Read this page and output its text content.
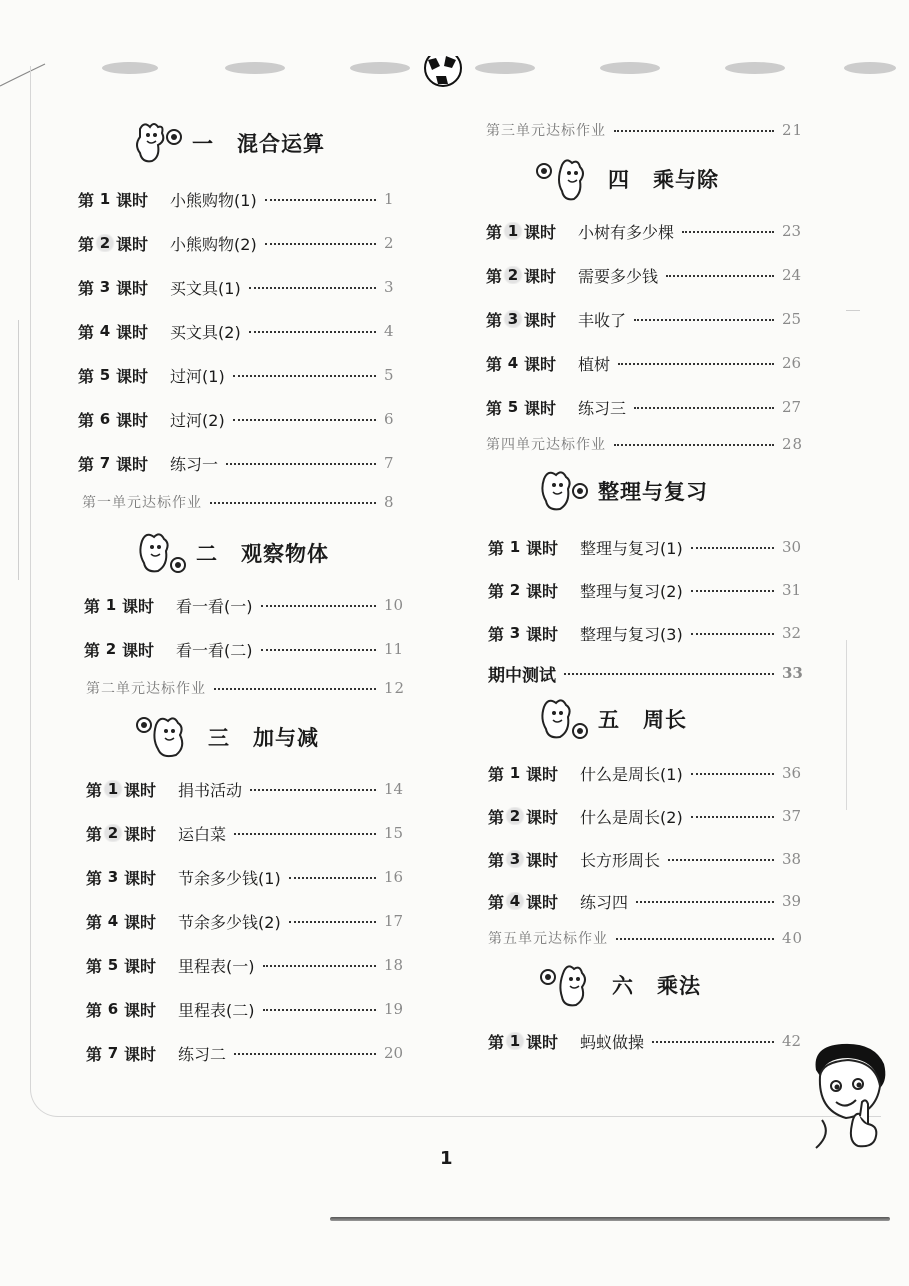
一 混合运算
第 1 课时 小熊购物(1)	1
第 2 课时 小熊购物(2)	2
第 3 课时 买文具(1)	3
第 4 课时 买文具(2)	4
第 5 课时 过河(1)	5
第 6 课时 过河(2)	6
第 7 课时 练习一	7
第一单元达标作业	8
二 观察物体
第 1 课时 看一看(一)	10
第 2 课时 看一看(二)	11
第二单元达标作业	12
三 加与减
第 1 课时 捐书活动	14
第 2 课时 运白菜	15
第 3 课时 节余多少钱(1)	16
第 4 课时 节余多少钱(2)	17
第 5 课时 里程表(一)	18
第 6 课时 里程表(二)	19
第 7 课时 练习二	20
第三单元达标作业	21
四 乘与除
第 1 课时 小树有多少棵	23
第 2 课时 需要多少钱	24
第 3 课时 丰收了	25
第 4 课时 植树	26
第 5 课时 练习三	27
第四单元达标作业	28
整理与复习
第 1 课时 整理与复习(1)	30
第 2 课时 整理与复习(2)	31
第 3 课时 整理与复习(3)	32
期中测试	33
五 周长
第 1 课时 什么是周长(1)	36
第 2 课时 什么是周长(2)	37
第 3 课时 长方形周长	38
第 4 课时 练习四	39
第五单元达标作业	40
六 乘法
第 1 课时 蚂蚁做操	42
1
